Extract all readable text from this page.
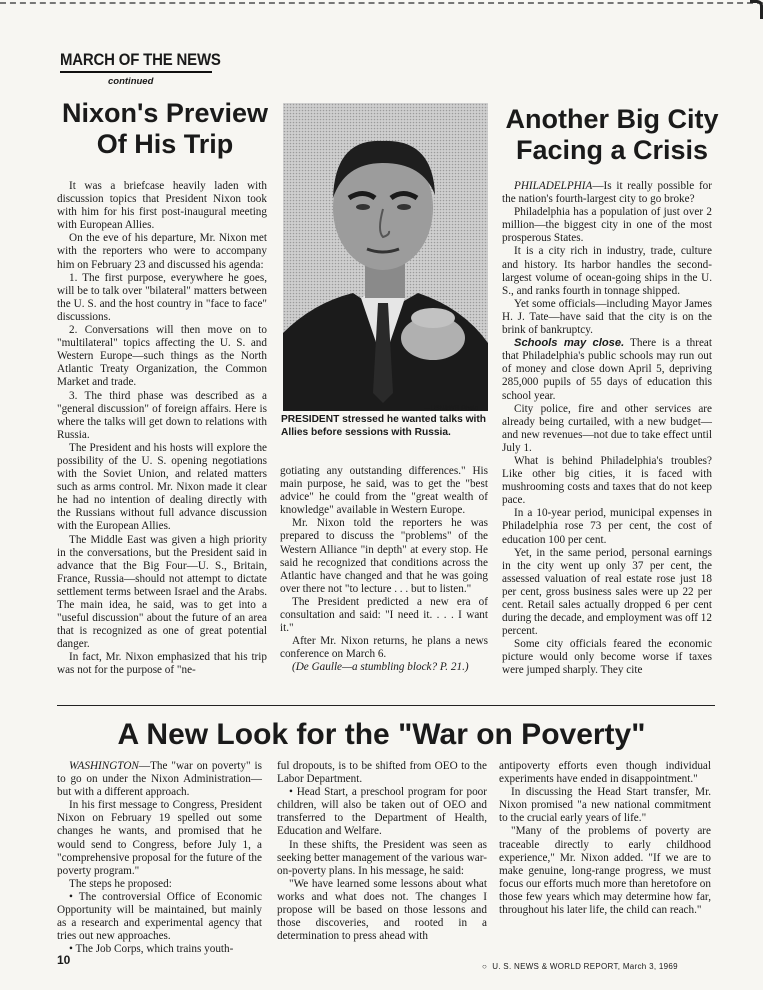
MARCH OF THE NEWS
continued
Nixon's Preview Of His Trip

It was a briefcase heavily laden with discussion topics that President Nixon took with him for his first post-inaugural meeting with European Allies.

On the eve of his departure, Mr. Nixon met with the reporters who were to accompany him on February 23 and discussed his agenda:

1. The first purpose, everywhere he goes, will be to talk over "bilateral" matters between the U. S. and the host country in "face to face" discussions.

2. Conversations will then move on to "multilateral" topics affecting the U. S. and Western Europe—such things as the North Atlantic Treaty Organization, the Common Market and trade.

3. The third phase was described as a "general discussion" of foreign affairs. Here is where the talks will get down to relations with Russia.

The President and his hosts will explore the possibility of the U. S. opening negotiations with the Soviet Union, and related matters such as arms control. Mr. Nixon made it clear he had no intention of dealing directly with the Russians without full advance discussion with the European Allies.

The Middle East was given a high priority in the conversations, but the President said in advance that the Big Four—U. S., Britain, France, Russia—should not attempt to dictate settlement terms between Israel and the Arabs. The main idea, he said, was to get into a "useful discussion" about the future of an area that is recognized as one of great potential danger.

In fact, Mr. Nixon emphasized that his trip was not for the purpose of "ne-

—USN&WR Photo
PRESIDENT stressed he wanted talks with Allies before sessions with Russia.

gotiating any outstanding differences." His main purpose, he said, was to get the "best advice" he could from the "great wealth of knowledge" available in Western Europe.

Mr. Nixon told the reporters he was prepared to discuss the "problems" of the Western Alliance "in depth" at every stop. He said he recognized that conditions across the Atlantic have changed and that he was going over there not "to lecture . . . but to listen."

The President predicted a new era of consultation and said: "I need it. . . . I want it."

After Mr. Nixon returns, he plans a news conference on March 6.

(De Gaulle—a stumbling block? P. 21.)

Another Big City Facing a Crisis

PHILADELPHIA—Is it really possible for the nation's fourth-largest city to go broke?

Philadelphia has a population of just over 2 million—the biggest city in one of the most prosperous States.

It is a city rich in industry, trade, culture and history. Its harbor handles the second-largest volume of ocean-going ships in the U. S., and ranks fourth in tonnage shipped.

Yet some officials—including Mayor James H. J. Tate—have said that the city is on the brink of bankruptcy.

Schools may close. There is a threat that Philadelphia's public schools may run out of money and close down April 5, depriving 285,000 pupils of 55 days of education this school year.

City police, fire and other services are already being curtailed, with a new budget—and new revenues—not due to take effect until July 1.

What is behind Philadelphia's troubles? Like other big cities, it is faced with mushrooming costs and taxes that do not keep pace.

In a 10-year period, municipal expenses in Philadelphia rose 73 per cent, the cost of education 100 per cent.

Yet, in the same period, personal earnings in the city went up only 37 per cent, the assessed valuation of real estate rose just 18 per cent, gross business sales were up 22 per cent. Retail sales actually dropped 6 per cent during the decade, and employment was off 12 percent.

Some city officials feared the economic picture would only become worse if taxes were jumped sharply. They cite

A New Look for the "War on Poverty"

WASHINGTON—The "war on poverty" is to go on under the Nixon Administration—but with a different approach.

In his first message to Congress, President Nixon on February 19 spelled out some changes he wants, and promised that he would send to Congress, before July 1, a "comprehensive proposal for the future of the poverty program."

The steps he proposed:

• The controversial Office of Economic Opportunity will be maintained, but mainly as a research and experimental agency that tries out new approaches.

• The Job Corps, which trains youth-

ful dropouts, is to be shifted from OEO to the Labor Department.

• Head Start, a preschool program for poor children, will also be taken out of OEO and transferred to the Department of Health, Education and Welfare.

In these shifts, the President was seen as seeking better management of the various war-on-poverty plans. In his message, he said:

"We have learned some lessons about what works and what does not. The changes I propose will be based on those lessons and those discoveries, and rooted in a determination to press ahead with

antipoverty efforts even though individual experiments have ended in disappointment."

In discussing the Head Start transfer, Mr. Nixon promised "a new national commitment to the crucial early years of life."

"Many of the problems of poverty are traceable directly to early childhood experience," Mr. Nixon added. "If we are to make genuine, long-range progress, we must focus our efforts much more than heretofore on those few years which may determine how far, throughout his later life, the child can reach."

10	○  U. S. NEWS & WORLD REPORT, March 3, 1969
